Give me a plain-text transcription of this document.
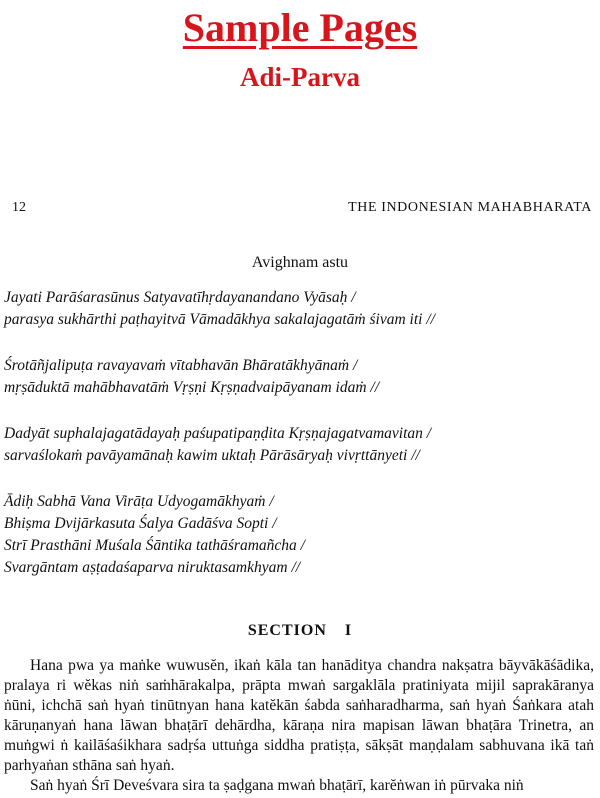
Sample Pages
Adi-Parva
12	THE INDONESIAN MAHABHARATA
Avighnam astu
Jayati Parāśarasūnus Satyavatīhṛdayanandano Vyāsaḥ /
parasya sukhārthi paṭhayitvā Vāmadākhya sakalajagatāṁ śivam iti //
Śrotāñjalipuṭa ravayavaṁ vītabhavān Bhāratākhyānaṁ /
mṛṣāduktā mahābhavatāṁ Vṛṣṇi Kṛṣṇadvaipāyanam idaṁ //
Dadyāt suphalajagatādayaḥ paśupatipaṇḍita Kṛṣṇajagatvamavitan /
sarvaślokaṁ pavāyamānaḥ kawim uktaḥ Pārāsāryaḥ vivṛttānyeti //
Ādiḥ Sabhā Vana Virāṭa Udyogamākhyaṁ /
Bhiṣma Dvijārkasuta Śalya Gadāśva Sopti /
Strī Prasthāni Muśala Śāntika tathāśramañcha /
Svargāntam aṣṭadaśaparva niruktasamkhyam //
SECTION I

Hana pwa ya maṅke wuwusĕn, ikaṅ kāla tan hanāditya chandra nakṣatra bāyvākāśādika, pralaya ri wĕkas niṅ saṁhārakalpa, prāpta mwaṅ sargaklāla pratiniyata mijil saprakāranya ṅūni, ichchā saṅ hyaṅ tinūtnyan hana katĕkān śabda saṅharadharma, saṅ hyaṅ Śaṅkara atah kāruṇanyaṅ hana lāwan bhaṭārī dehārdha, kāraṇa nira mapisan lāwan bhaṭāra Trinetra, an muṅgwi ṅ kailāśaśikhara sadṛśa uttuṅga siddha pratiṣṭa, sākṣāt maṇḍalam sabhuvana ikā taṅ parhyaṅan sthāna saṅ hyaṅ.

Saṅ hyaṅ Śrī Deveśvara sira ta ṣaḍgana mwaṅ bhaṭārī, karĕṅwan iṅ pūrvaka niṅ
